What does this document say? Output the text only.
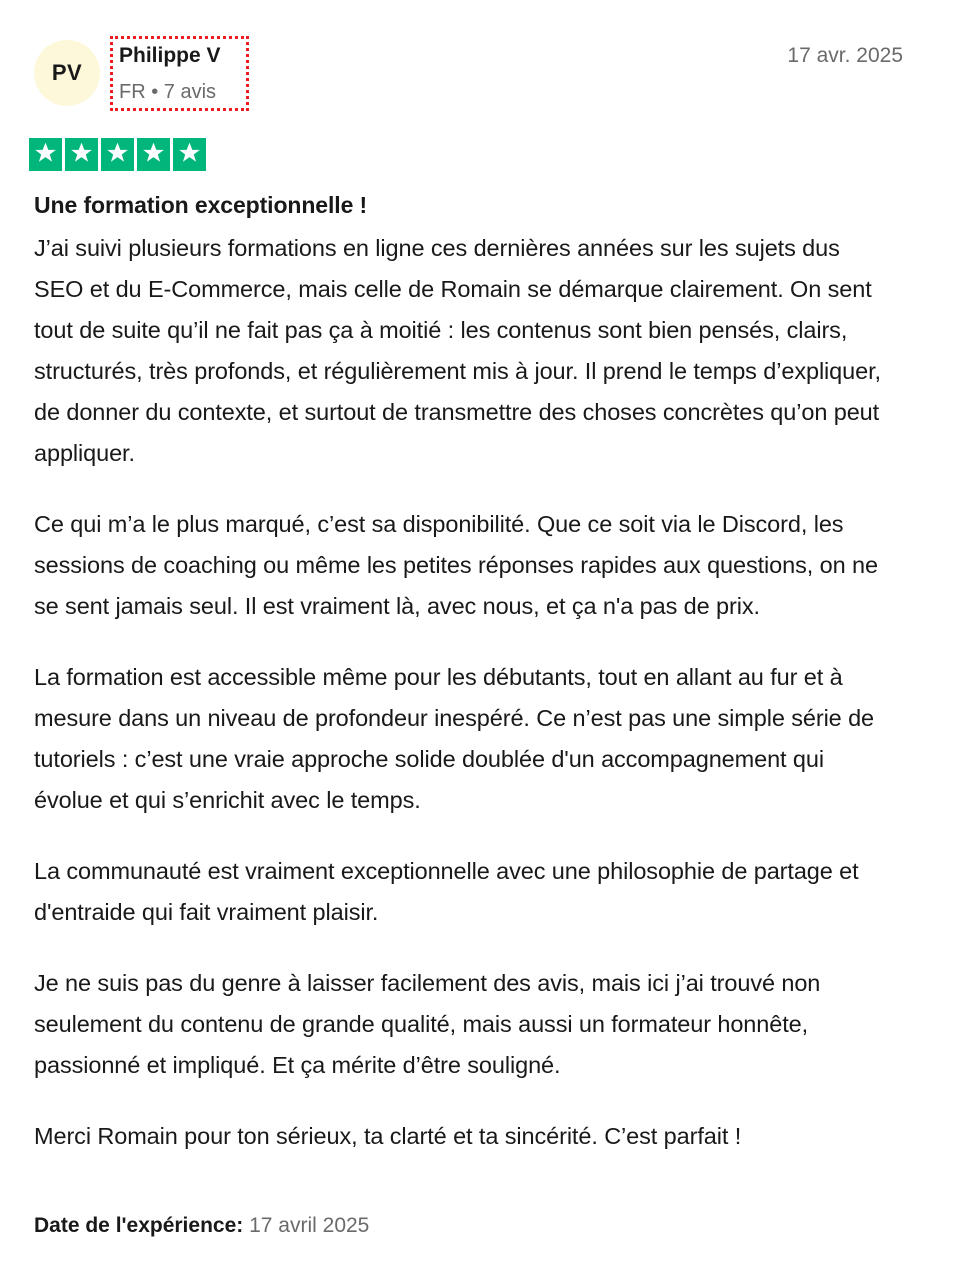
PV
Philippe V
FR • 7 avis
17 avr. 2025
Une formation exceptionnelle !

J’ai suivi plusieurs formations en ligne ces dernières années sur les sujets dus SEO et du E-Commerce, mais celle de Romain se démarque clairement. On sent tout de suite qu’il ne fait pas ça à moitié : les contenus sont bien pensés, clairs, structurés, très profonds, et régulièrement mis à jour. Il prend le temps d’expliquer, de donner du contexte, et surtout de transmettre des choses concrètes qu’on peut appliquer.

Ce qui m’a le plus marqué, c’est sa disponibilité. Que ce soit via le Discord, les sessions de coaching ou même les petites réponses rapides aux questions, on ne se sent jamais seul. Il est vraiment là, avec nous, et ça n'a pas de prix.

La formation est accessible même pour les débutants, tout en allant au fur et à mesure dans un niveau de profondeur inespéré. Ce n’est pas une simple série de tutoriels : c’est une vraie approche solide doublée d'un accompagnement qui évolue et qui s’enrichit avec le temps.

La communauté est vraiment exceptionnelle avec une philosophie de partage et d'entraide qui fait vraiment plaisir.

Je ne suis pas du genre à laisser facilement des avis, mais ici j’ai trouvé non seulement du contenu de grande qualité, mais aussi un formateur honnête, passionné et impliqué. Et ça mérite d’être souligné.

Merci Romain pour ton sérieux, ta clarté et ta sincérité. C’est parfait !

Date de l'expérience: 17 avril 2025
